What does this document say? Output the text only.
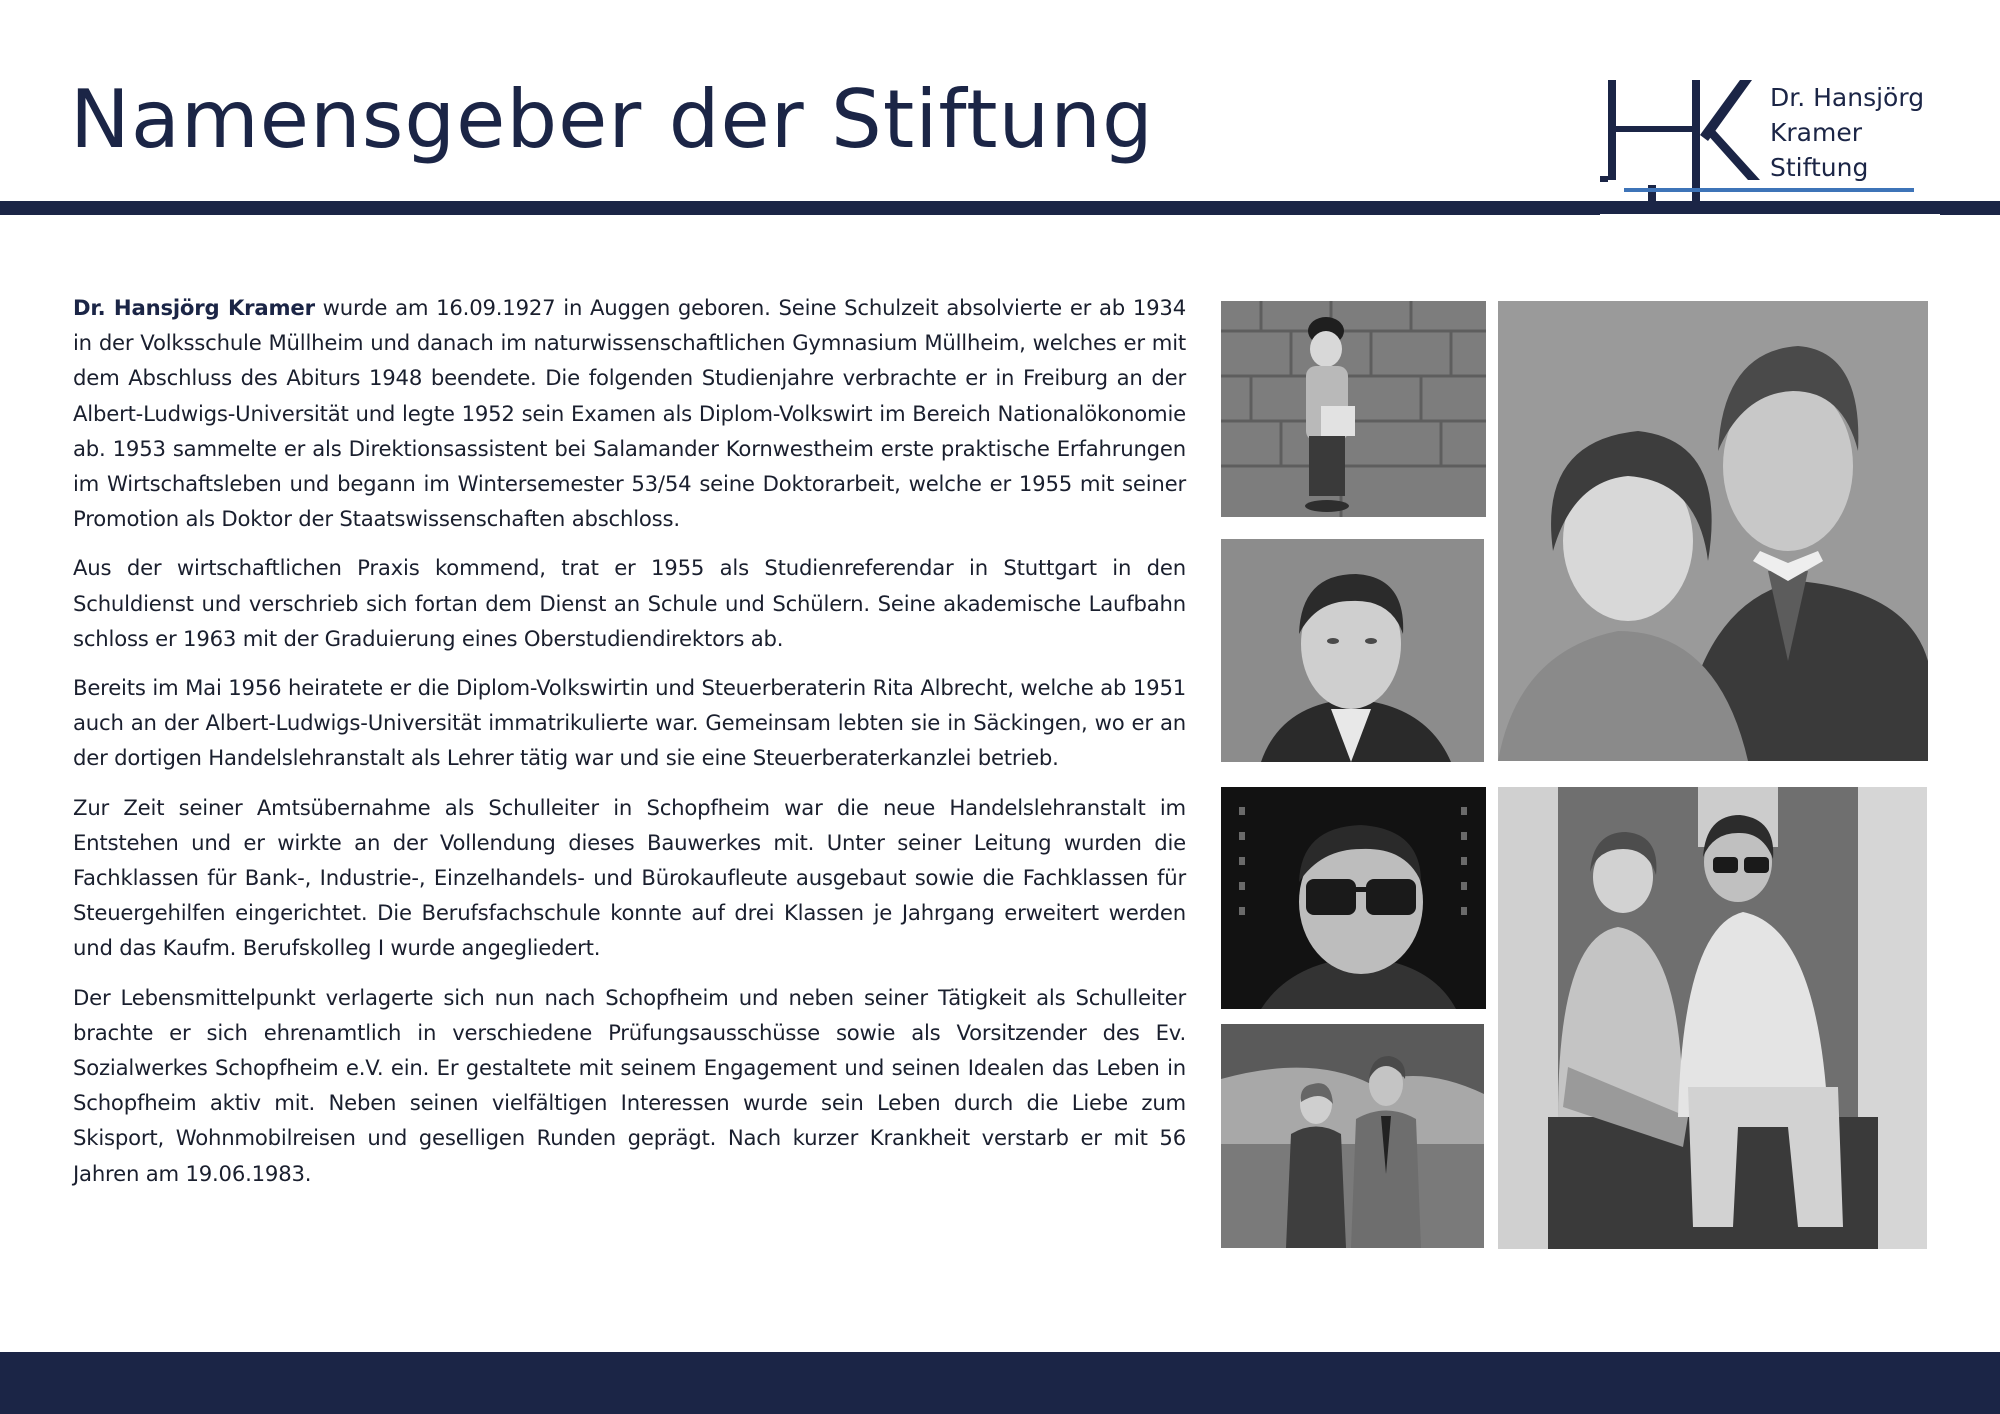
Namensgeber der Stiftung	Dr. Hansjörg
Kramer
Stiftung

Dr. Hansjörg Kramer wurde am 16.09.1927 in Auggen geboren. Seine Schulzeit absolvierte er ab 1934 in der Volksschule Müllheim und danach im naturwissenschaftlichen Gymnasium Müllheim, welches er mit dem Abschluss des Abiturs 1948 beendete. Die folgenden Studienjahre verbrachte er in Freiburg an der Albert-Ludwigs-Universität und legte 1952 sein Examen als Diplom-Volkswirt im Bereich Nationalökonomie ab. 1953 sammelte er als Direktionsassistent bei Salamander Kornwestheim erste praktische Erfahrungen im Wirtschaftsleben und begann im Wintersemester 53/54 seine Doktorarbeit, welche er 1955 mit seiner Promotion als Doktor der Staatswissenschaften abschloss.

Aus der wirtschaftlichen Praxis kommend, trat er 1955 als Studienreferendar in Stuttgart in den Schuldienst und verschrieb sich fortan dem Dienst an Schule und Schülern. Seine akademische Laufbahn schloss er 1963 mit der Graduierung eines Oberstudiendirektors ab.

Bereits im Mai 1956 heiratete er die Diplom-Volkswirtin und Steuerberaterin Rita Albrecht, welche ab 1951 auch an der Albert-Ludwigs-Universität immatrikulierte war. Gemeinsam lebten sie in Säckingen, wo er an der dortigen Handelslehranstalt als Lehrer tätig war und sie eine Steuerberaterkanzlei betrieb.

Zur Zeit seiner Amtsübernahme als Schulleiter in Schopfheim war die neue Handelslehranstalt im Entstehen und er wirkte an der Vollendung dieses Bauwerkes mit. Unter seiner Leitung wurden die Fachklassen für Bank-, Industrie-, Einzelhandels- und Bürokaufleute ausgebaut sowie die Fachklassen für Steuergehilfen eingerichtet. Die Berufsfachschule konnte auf drei Klassen je Jahrgang erweitert werden und das Kaufm. Berufskolleg I wurde angegliedert.

Der Lebensmittelpunkt verlagerte sich nun nach Schopfheim und neben seiner Tätigkeit als Schulleiter brachte er sich ehrenamtlich in verschiedene Prüfungsausschüsse sowie als Vorsitzender des Ev. Sozialwerkes Schopfheim e.V. ein. Er gestaltete mit seinem Engagement und seinen Idealen das Leben in Schopfheim aktiv mit. Neben seinen vielfältigen Interessen wurde sein Leben durch die Liebe zum Skisport, Wohnmobilreisen und geselligen Runden geprägt. Nach kurzer Krankheit verstarb er mit 56 Jahren am 19.06.1983.
